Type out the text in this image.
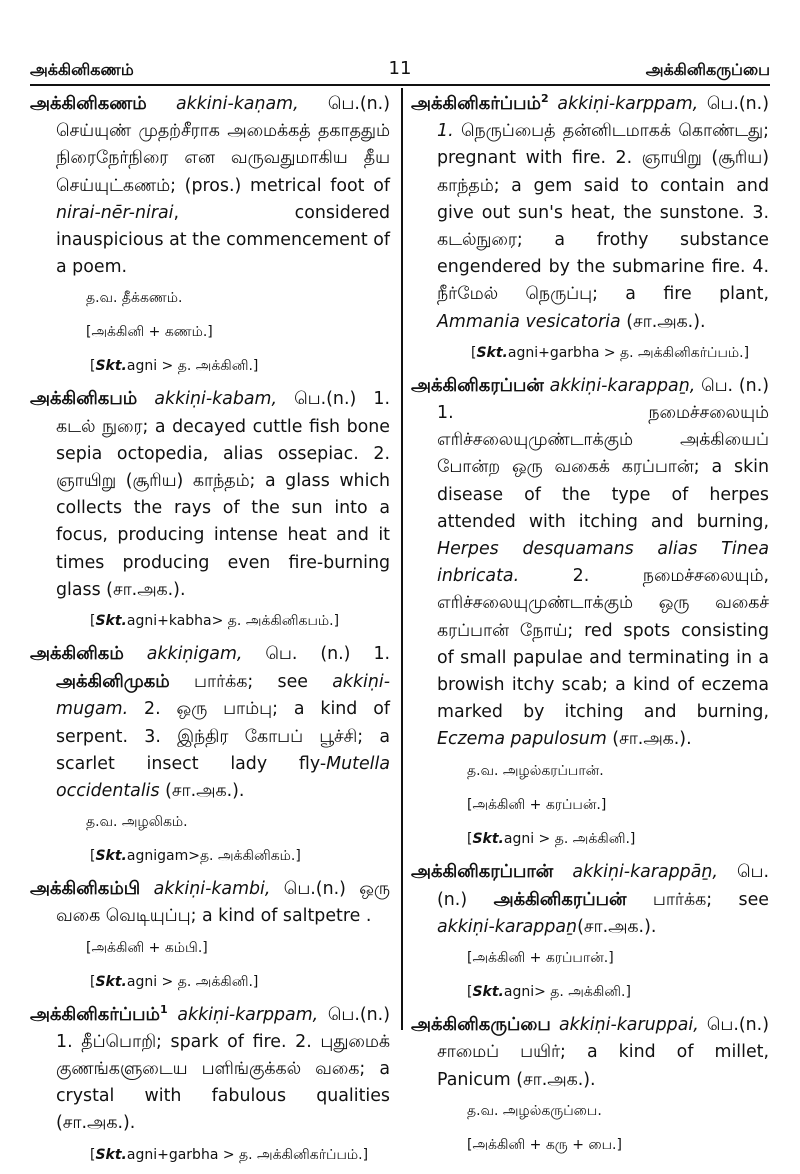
அக்கினிகணம்	11	அக்கினிகருப்பை

அக்கினிகணம் akkini-kaṇam, பெ.(n.) செய்யுண் முதற்சீராக அமைக்கத் தகாததும் நிரைநேர்நிரை என வருவதுமாகிய தீய செய்யுட்கணம்; (pros.) metrical foot of nirai-nēr-nirai, considered inauspicious at the commencement of a poem.

த.வ. தீக்கணம்.
[அக்கினி + கணம்.]
[Skt.agni > த. அக்கினி.]

அக்கினிகபம் akkiṇi-kabam, பெ.(n.) 1. கடல் நுரை; a decayed cuttle fish bone sepia octopedia, alias ossepiac. 2. ஞாயிறு (சூரிய) காந்தம்; a glass which collects the rays of the sun into a focus, producing intense heat and it times producing even fire-burning glass (சா.அக.).

[Skt.agni+kabha> த. அக்கினிகபம்.]

அக்கினிகம் akkiṇigam, பெ. (n.) 1. அக்கினிமுகம் பார்க்க; see akkiṇi-mugam. 2. ஒரு பாம்பு; a kind of serpent. 3. இந்திர கோபப் பூச்சி; a scarlet insect lady fly-Mutella occidentalis (சா.அக.).

த.வ. அழலிகம்.
[Skt.agnigam>த. அக்கினிகம்.]

அக்கினிகம்பி akkiṇi-kambi, பெ.(n.) ஒரு வகை வெடியுப்பு; a kind of saltpetre .

[அக்கினி + கம்பி.]
[Skt.agni > த. அக்கினி.]

அக்கினிகர்ப்பம்$^1$ akkiṇi-karppam, பெ.(n.) 1. தீப்பொறி; spark of fire. 2. புதுமைக் குணங்களுடைய பளிங்குக்கல் வகை; a crystal with fabulous qualities (சா.அக.).

[Skt.agni+garbha > த. அக்கினிகர்ப்பம்.]

அக்கினிகர்ப்பம்$^2$ akkiṇi-karppam, பெ.(n.) 1. நெருப்பைத் தன்னிடமாகக் கொண்டது; pregnant with fire. 2. ஞாயிறு (சூரிய) காந்தம்; a gem said to contain and give out sun's heat, the sunstone. 3. கடல்நுரை; a frothy substance engendered by the submarine fire. 4. நீர்மேல் நெருப்பு; a fire plant, Ammania vesicatoria (சா.அக.).

[Skt.agni+garbha > த. அக்கினிகர்ப்பம்.]

அக்கினிகரப்பன் akkiṇi-karappaṉ, பெ. (n.) 1. நமைச்சலையும் எரிச்சலையுமுண்டாக்கும் அக்கியைப் போன்ற ஒரு வகைக் கரப்பான்; a skin disease of the type of herpes attended with itching and burning, Herpes desquamans alias Tinea inbricata.	2. நமைச்சலையும், எரிச்சலையுமுண்டாக்கும் ஒரு வகைச் கரப்பான் நோய்; red spots consisting of small papulae and terminating in a browish itchy scab; a kind of eczema marked by itching and burning, Eczema papulosum (சா.அக.).

த.வ. அழல்கரப்பான்.
[அக்கினி + கரப்பன்.]
[Skt.agni > த. அக்கினி.]

அக்கினிகரப்பான் akkiṇi-karappāṉ, பெ. (n.) அக்கினிகரப்பன் பார்க்க; see akkiṇi-karappaṉ(சா.அக.).

[அக்கினி + கரப்பான்.]
[Skt.agni> த. அக்கினி.]

அக்கினிகருப்பை akkiṇi-karuppai, பெ.(n.) சாமைப் பயிர்; a kind of millet, Panicum (சா.அக.).

த.வ. அழல்கருப்பை.
[அக்கினி + கரு + பை.]
